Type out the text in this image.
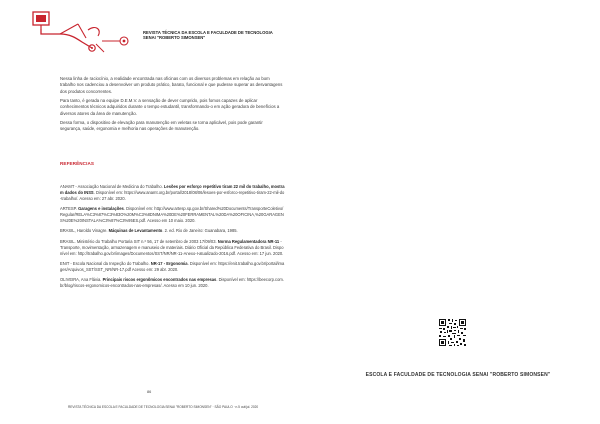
REVISTA TÉCNICA DA ESCOLA E FACULDADE DE TECNOLOGIA
SENAI "ROBERTO SIMONSEN"

Nessa linha de raciocínio, a realidade encontrada nas oficinas com os diversos problemas em relação ao bom trabalho nos cadenciou a desenvolver um produto prático, barato, funcional e que pudesse superar as desvantagens dos produtos concorrentes.

Para tanto, é gerada na equipe D.E.M.V. a sensação de dever cumprido, pois fomos capazes de aplicar conhecimentos técnicos adquiridos durante o tempo estudantil, transformando-o em ação geradora de benefícios a diversos atores da área de manutenção.

Dessa forma, o dispositivo de elevação para manutenção em veletas se torna aplicável, pois pode garantir segurança, saúde, ergonomia e melhoria nas operações de manutenção.

REFERÊNCIAS
ANAMT - Associação Nacional de Medicina do Trabalho. Lesões por esforço repetitivo tiram 22 mil do trabalho, mostram dados do INSS. Disponível em: https://www.anamt.org.br/portal/2018/08/06/lesoes-por-esforco-repetitivo-tiram-22-mil-do-trabalho/. Acesso em: 27 abr. 2020.
ARTESP. Garagens e instalações. Disponível em: http://www.artesp.sp.gov.br/Shared%20Documents/TransporteColetivo/Regular/RELA%C3%87%C3%83O%20M%C3%8DNIMA%20DE%20FERRAMENTAL%20DA%20OFICINA,%20GARAGENS%20E%20INSTALA%C3%87%C3%95ES.pdf. Acesso em 10 maio. 2020.
BRASIL, Haroldo Vinagre. Máquinas de Levantamento. 2. ed. Rio de Janeiro: Guanabara, 1985.
BRASIL. Ministério do Trabalho Portaria SIT n.º 56, 17 de setembro de 2003 17/09/03. Norma Regulamentadora NR-11 - Transporte, movimentação, armazenagem e manuseio de materiais. Diário Oficial da República Federativa do Brasil. Disponível em: http://trabalho.gov.br/images/Documentos/SST/NR/NR-11-Anexo-I-atualizado-2016.pdf. Acesso em: 17 jun. 2020.
ENIT - Escola Nacional da Inspeção do Trabalho. NR-17 - Ergonomia. Disponível em: https://enit.trabalho.gov.br/portal/images/Arquivos_SST/SST_NR/NR-17.pdf Acesso em: 29 abr. 2020.
OLIVEIRA, Ana Flávia. Principais riscos ergonômicos encontrados nas empresas. Disponível em: https://beecorp.com.br/blog/riscos-ergonomicos-encontrados-nas-empresas/. Acesso em 10 jun. 2020.
86
REVISTA TÉCNICA DA ESCOLA E FACULDADE DE TECNOLOGIA SENAI "ROBERTO SIMONSEN" · SÃO PAULO · n.5 out/jul. 2020
ESCOLA E FACULDADE DE TECNOLOGIA SENAI "ROBERTO SIMONSEN"
